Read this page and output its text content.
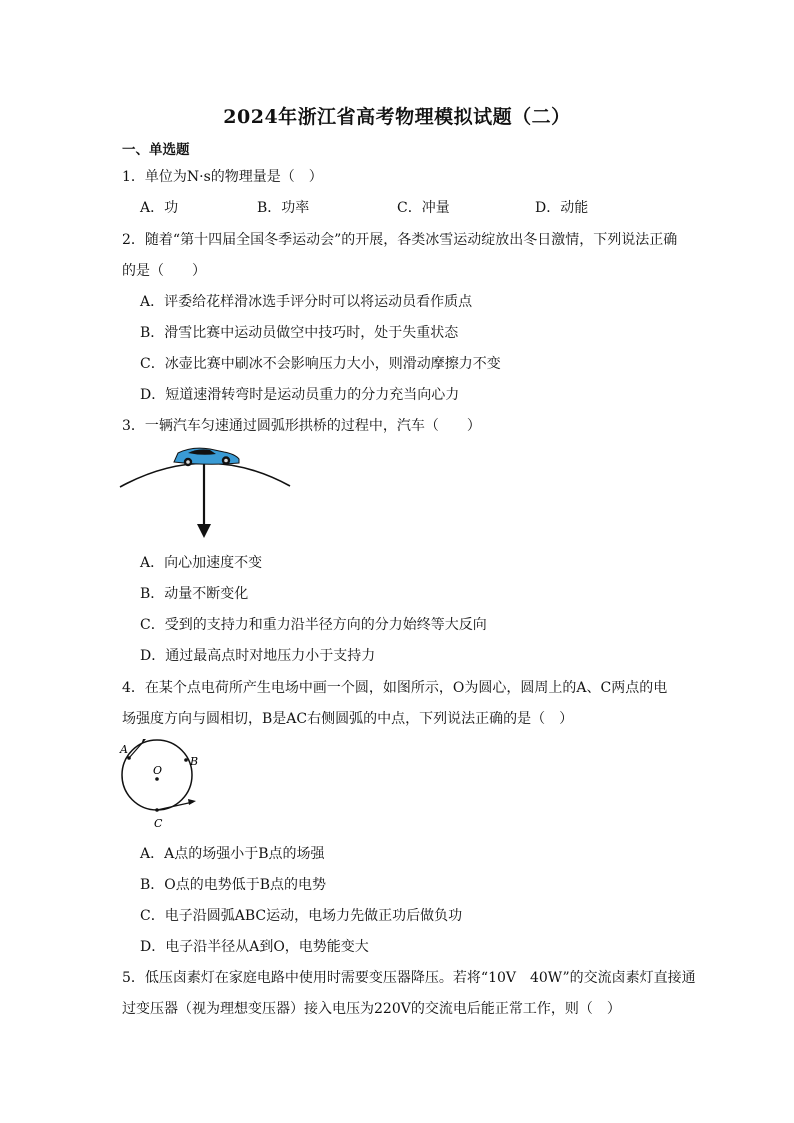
2024年浙江省高考物理模拟试题（二）
一、单选题
1．单位为N·s的物理量是（　）
A．功	B．功率	C．冲量	D．动能
2．随着“第十四届全国冬季运动会”的开展，各类冰雪运动绽放出冬日激情，下列说法正确
的是（　　）
A．评委给花样滑冰选手评分时可以将运动员看作质点
B．滑雪比赛中运动员做空中技巧时，处于失重状态
C．冰壶比赛中刷冰不会影响压力大小，则滑动摩擦力不变
D．短道速滑转弯时是运动员重力的分力充当向心力
3．一辆汽车匀速通过圆弧形拱桥的过程中，汽车（　　）
A．向心加速度不变
B．动量不断变化
C．受到的支持力和重力沿半径方向的分力始终等大反向
D．通过最高点时对地压力小于支持力
4．在某个点电荷所产生电场中画一个圆，如图所示，O为圆心，圆周上的A、C两点的电
场强度方向与圆相切，B是AC右侧圆弧的中点，下列说法正确的是（　）
A
B
C
O
A．A点的场强小于B点的场强
B．O点的电势低于B点的电势
C．电子沿圆弧ABC运动，电场力先做正功后做负功
D．电子沿半径从A到O，电势能变大
5．低压卤素灯在家庭电路中使用时需要变压器降压。若将“10V　40W”的交流卤素灯直接通
过变压器（视为理想变压器）接入电压为220V的交流电后能正常工作，则（　）
